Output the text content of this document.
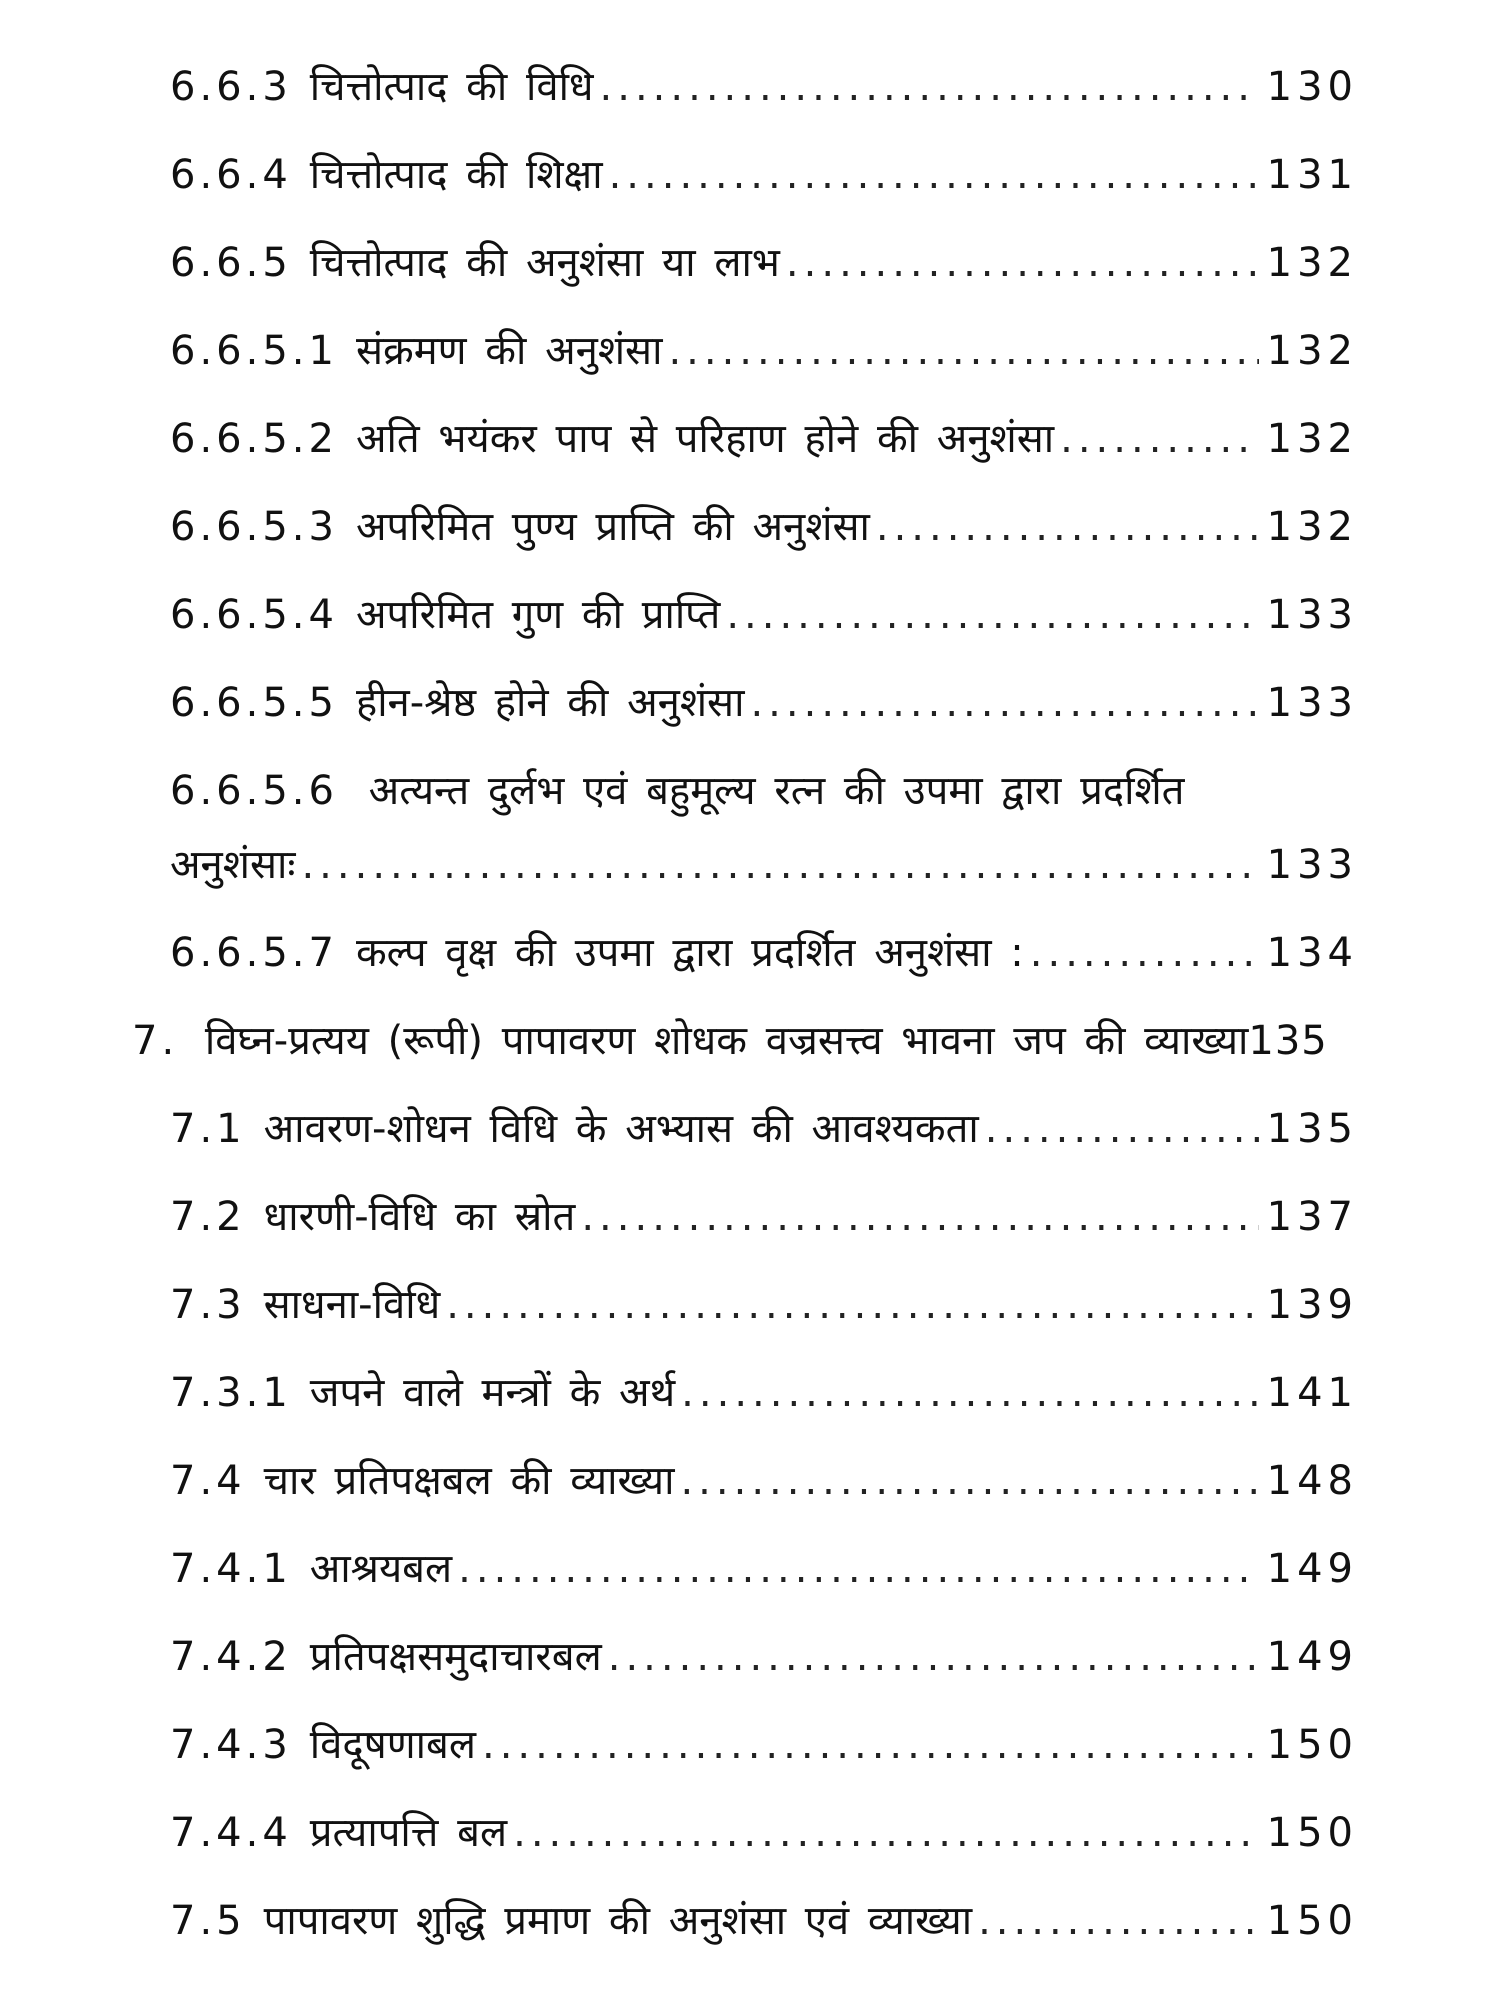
6.6.3 चित्तोत्पाद की विधि .....	130
6.6.4 चित्तोत्पाद की शिक्षा .....	131
6.6.5 चित्तोत्पाद की अनुशंसा या लाभ .....	132
6.6.5.1 संक्रमण की अनुशंसा .....	132
6.6.5.2 अति भयंकर पाप से परिहाण होने की अनुशंसा .....	132
6.6.5.3 अपरिमित पुण्य प्राप्ति की अनुशंसा .....	132
6.6.5.4 अपरिमित गुण की प्राप्ति .....	133
6.6.5.5 हीन-श्रेष्ठ होने की अनुशंसा .....	133
6.6.5.6 अत्यन्त दुर्लभ एवं बहुमूल्य रत्न की उपमा द्वारा प्रदर्शित
अनुशंसाः .....	133
6.6.5.7 कल्प वृक्ष की उपमा द्वारा प्रदर्शित अनुशंसा : .....	134
7. विघ्न-प्रत्यय (रूपी) पापावरण शोधक वज्रसत्त्व भावना जप की व्याख्या135
7.1 आवरण-शोधन विधि के अभ्यास की आवश्यकता .....	135
7.2 धारणी-विधि का स्रोत .....	137
7.3 साधना-विधि .....	139
7.3.1 जपने वाले मन्त्रों के अर्थ .....	141
7.4 चार प्रतिपक्षबल की व्याख्या .....	148
7.4.1 आश्रयबल .....	149
7.4.2 प्रतिपक्षसमुदाचारबल .....	149
7.4.3 विदूषणाबल .....	150
7.4.4 प्रत्यापत्ति बल .....	150
7.5 पापावरण शुद्धि प्रमाण की अनुशंसा एवं व्याख्या .....	150
